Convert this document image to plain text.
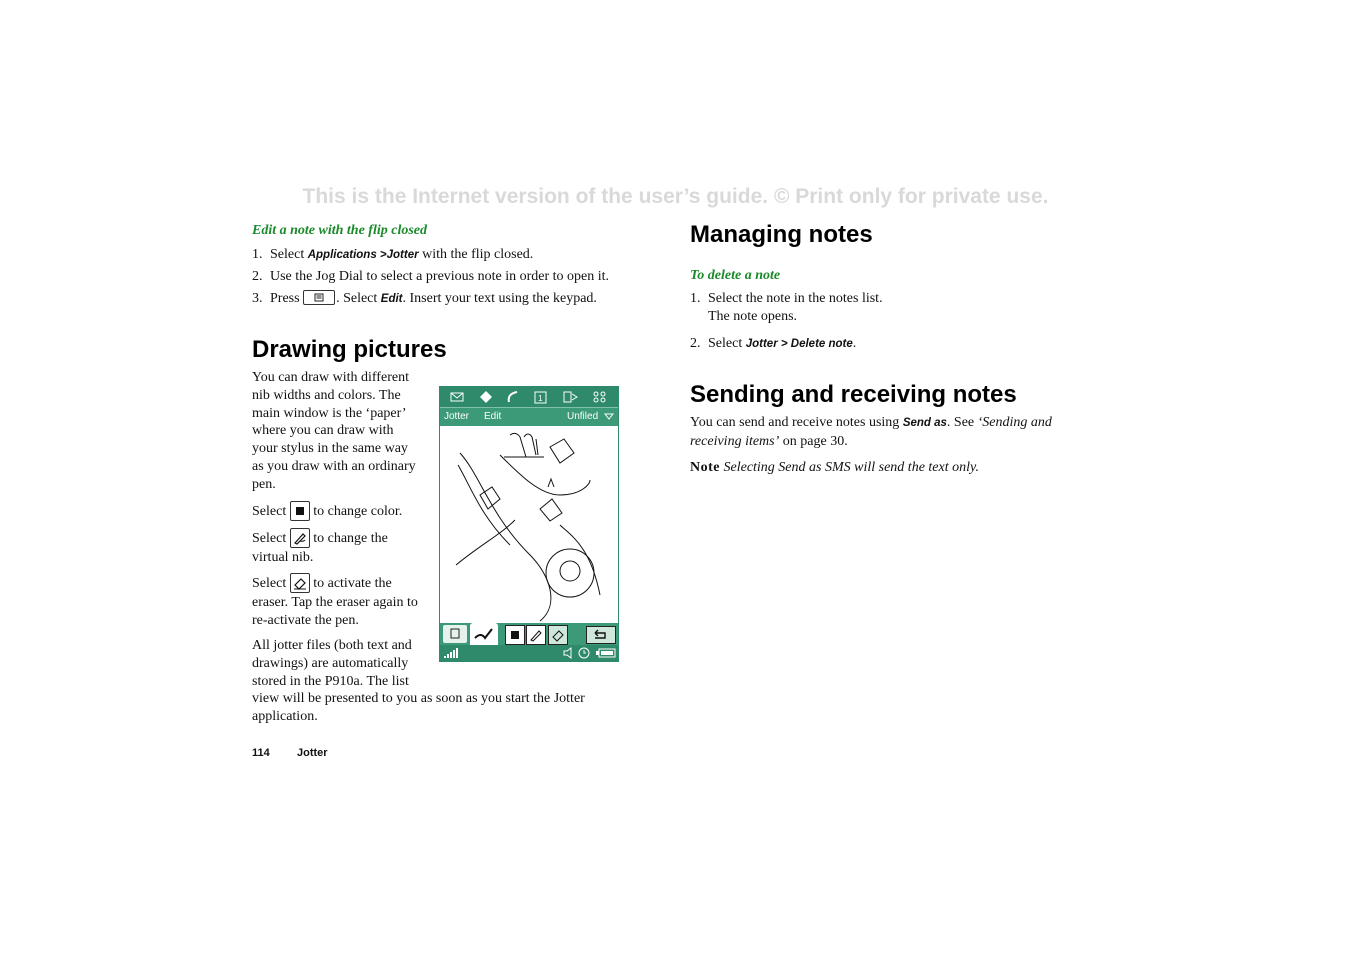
This is the Internet version of the user’s guide. © Print only for private use.
Edit a note with the flip closed
1. Select Applications >Jotter with the flip closed.
2. Use the Jog Dial to select a previous note in order to open it.
3. Press . Select Edit. Insert your text using the keypad.
Drawing pictures
You can draw with different
nib widths and colors. The
main window is the ‘paper’
where you can draw with
your stylus in the same way
as you draw with an ordinary
pen.
Select  to change color.
Select  to change the
virtual nib.
Select  to activate the
eraser. Tap the eraser again to
re-activate the pen.
All jotter files (both text and
drawings) are automatically
stored in the P910a. The list
view will be presented to you as soon as you start the Jotter
application.
1
Jotter Edit	Unfiled
Managing notes
To delete a note
1. Select the note in the notes list.
The note opens.
2. Select Jotter > Delete note.
Sending and receiving notes
You can send and receive notes using Send as. See ‘Sending and
receiving items’ on page 30.
Note Selecting Send as SMS will send the text only.
114 Jotter
